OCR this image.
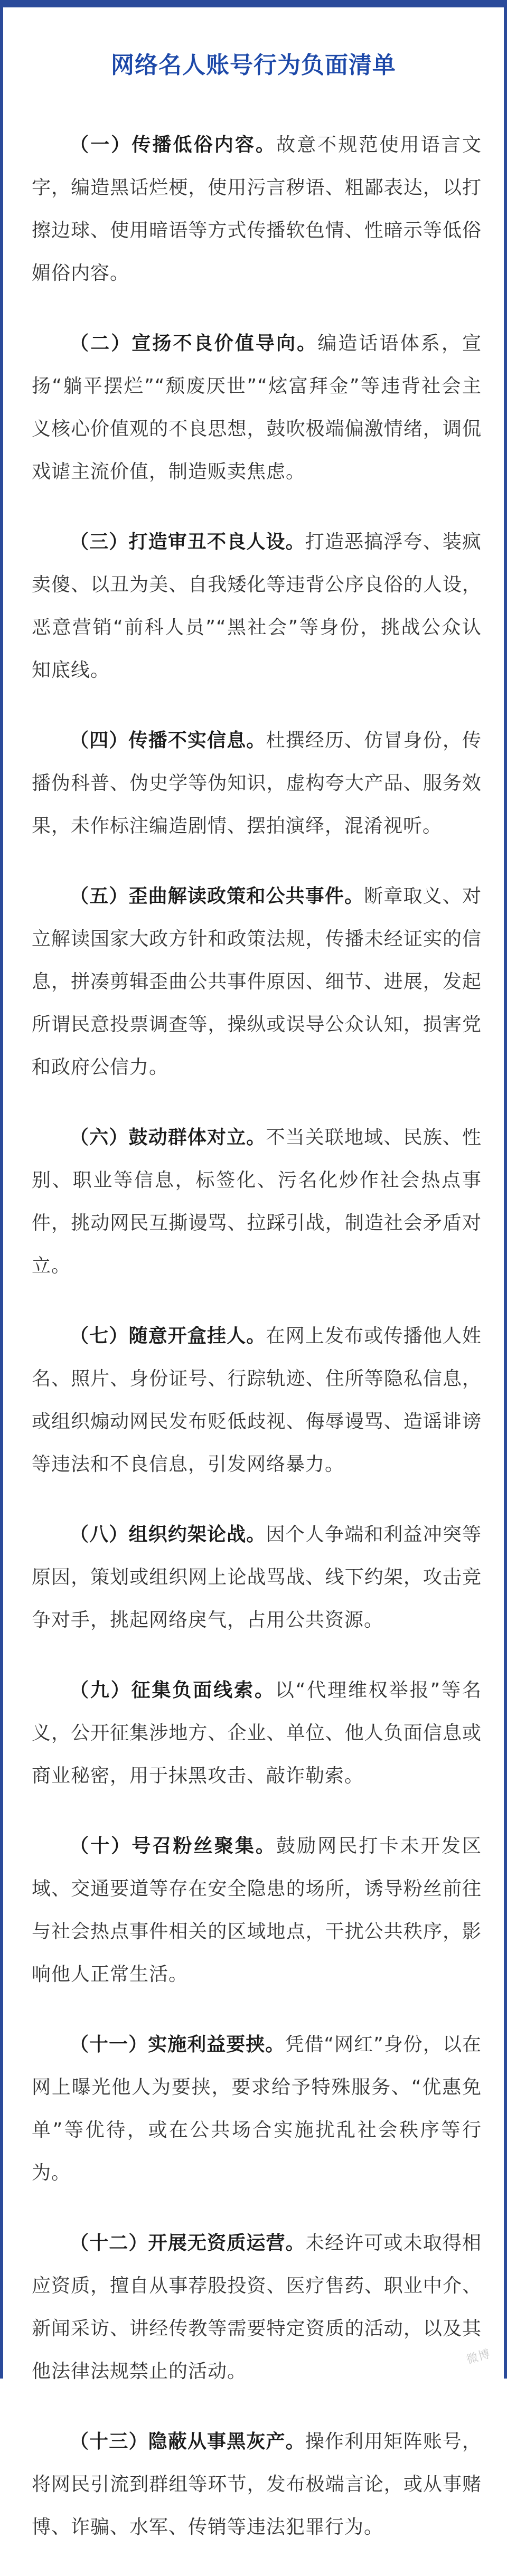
网络名人账号行为负面清单

（一）传播低俗内容。故意不规范使用语言文字，编造黑话烂梗，使用污言秽语、粗鄙表达，以打擦边球、使用暗语等方式传播软色情、性暗示等低俗媚俗内容。

（二）宣扬不良价值导向。编造话语体系，宣扬“躺平摆烂”“颓废厌世”“炫富拜金”等违背社会主义核心价值观的不良思想，鼓吹极端偏激情绪，调侃戏谑主流价值，制造贩卖焦虑。

（三）打造审丑不良人设。打造恶搞浮夸、装疯卖傻、以丑为美、自我矮化等违背公序良俗的人设，恶意营销“前科人员”“黑社会”等身份，挑战公众认知底线。

（四）传播不实信息。杜撰经历、仿冒身份，传播伪科普、伪史学等伪知识，虚构夸大产品、服务效果，未作标注编造剧情、摆拍演绎，混淆视听。

（五）歪曲解读政策和公共事件。断章取义、对立解读国家大政方针和政策法规，传播未经证实的信息，拼凑剪辑歪曲公共事件原因、细节、进展，发起所谓民意投票调查等，操纵或误导公众认知，损害党和政府公信力。

（六）鼓动群体对立。不当关联地域、民族、性别、职业等信息，标签化、污名化炒作社会热点事件，挑动网民互撕谩骂、拉踩引战，制造社会矛盾对立。

（七）随意开盒挂人。在网上发布或传播他人姓名、照片、身份证号、行踪轨迹、住所等隐私信息，或组织煽动网民发布贬低歧视、侮辱谩骂、造谣诽谤等违法和不良信息，引发网络暴力。

（八）组织约架论战。因个人争端和利益冲突等原因，策划或组织网上论战骂战、线下约架，攻击竞争对手，挑起网络戾气，占用公共资源。

（九）征集负面线索。以“代理维权举报”等名义，公开征集涉地方、企业、单位、他人负面信息或商业秘密，用于抹黑攻击、敲诈勒索。

（十）号召粉丝聚集。鼓励网民打卡未开发区域、交通要道等存在安全隐患的场所，诱导粉丝前往与社会热点事件相关的区域地点，干扰公共秩序，影响他人正常生活。

（十一）实施利益要挟。凭借“网红”身份，以在网上曝光他人为要挟，要求给予特殊服务、“优惠免单”等优待，或在公共场合实施扰乱社会秩序等行为。

（十二）开展无资质运营。未经许可或未取得相应资质，擅自从事荐股投资、医疗售药、职业中介、新闻采访、讲经传教等需要特定资质的活动，以及其他法律法规禁止的活动。

（十三）隐蔽从事黑灰产。操作利用矩阵账号，将网民引流到群组等环节，发布极端言论，或从事赌博、诈骗、水军、传销等违法犯罪行为。

微博
